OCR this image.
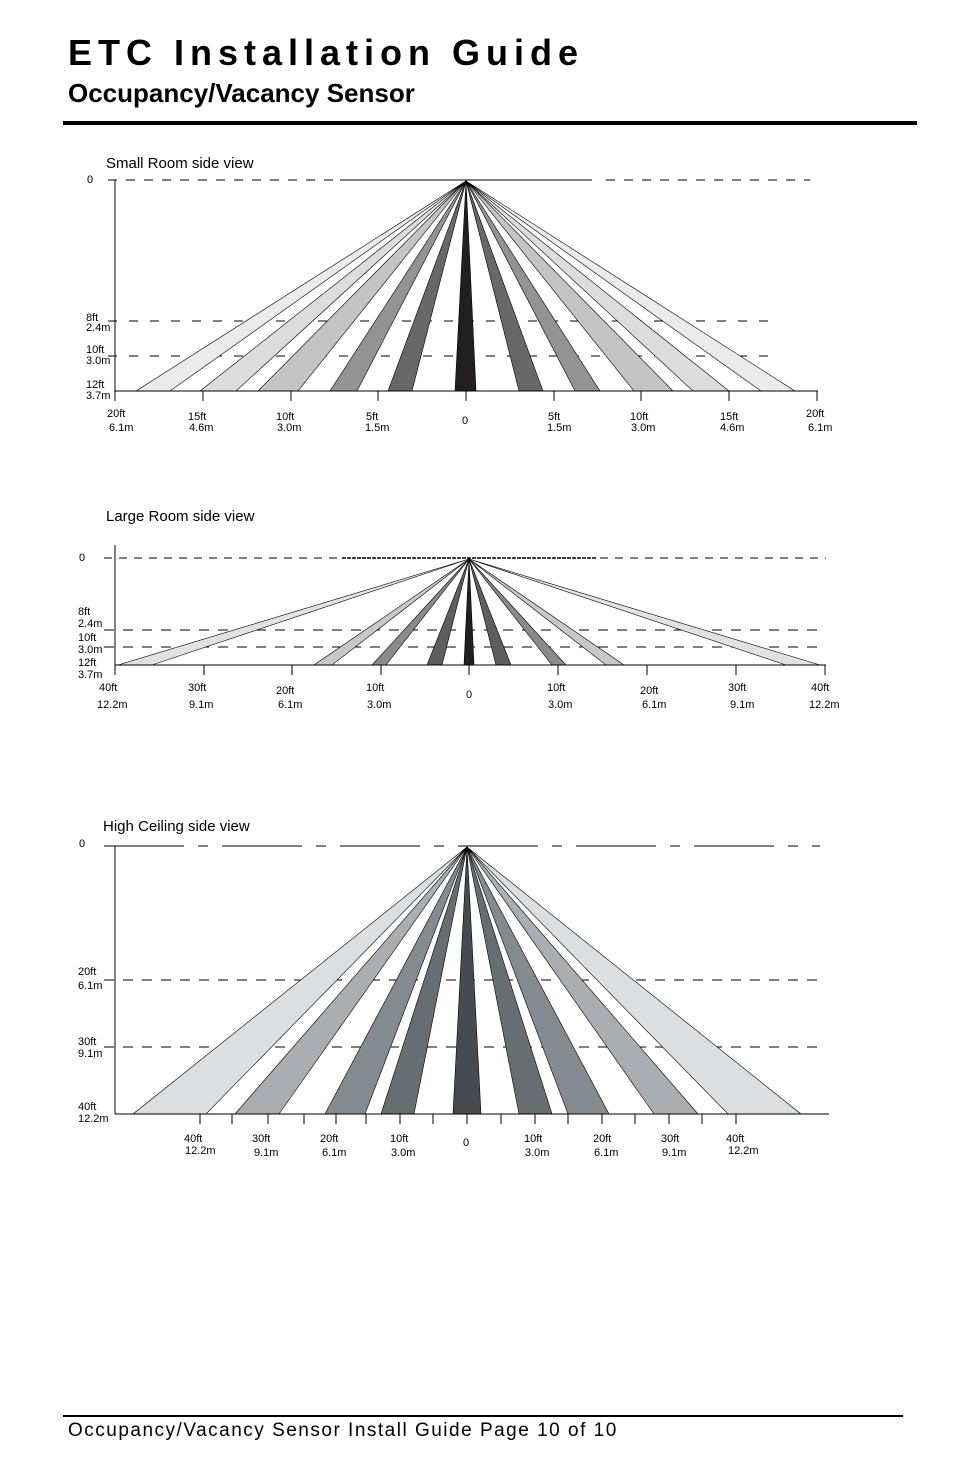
ETC Installation Guide
Occupancy/Vacancy Sensor
Small Room side view
0
8ft
2.4m
10ft
3.0m
12ft
3.7m
20ft
6.1m
15ft
4.6m
10ft
3.0m
5ft
1.5m
0	5ft
1.5m
10ft
3.0m
15ft
4.6m
20ft
6.1m
Large Room side view
0
8ft
2.4m
10ft
3.0m
12ft
3.7m
40ft
12.2m
30ft
9.1m
20ft
6.1m
10ft
3.0m
0
10ft
3.0m
20ft
6.1m
30ft
9.1m
40ft
12.2m
High Ceiling side view
0
20ft
6.1m
30ft
9.1m
40ft
12.2m
40ft
12.2m
30ft
9.1m
20ft
6.1m
10ft
3.0m
0	10ft
3.0m
20ft
6.1m
30ft
9.1m
40ft
12.2m
Occupancy/Vacancy Sensor Install Guide Page 10 of 10
